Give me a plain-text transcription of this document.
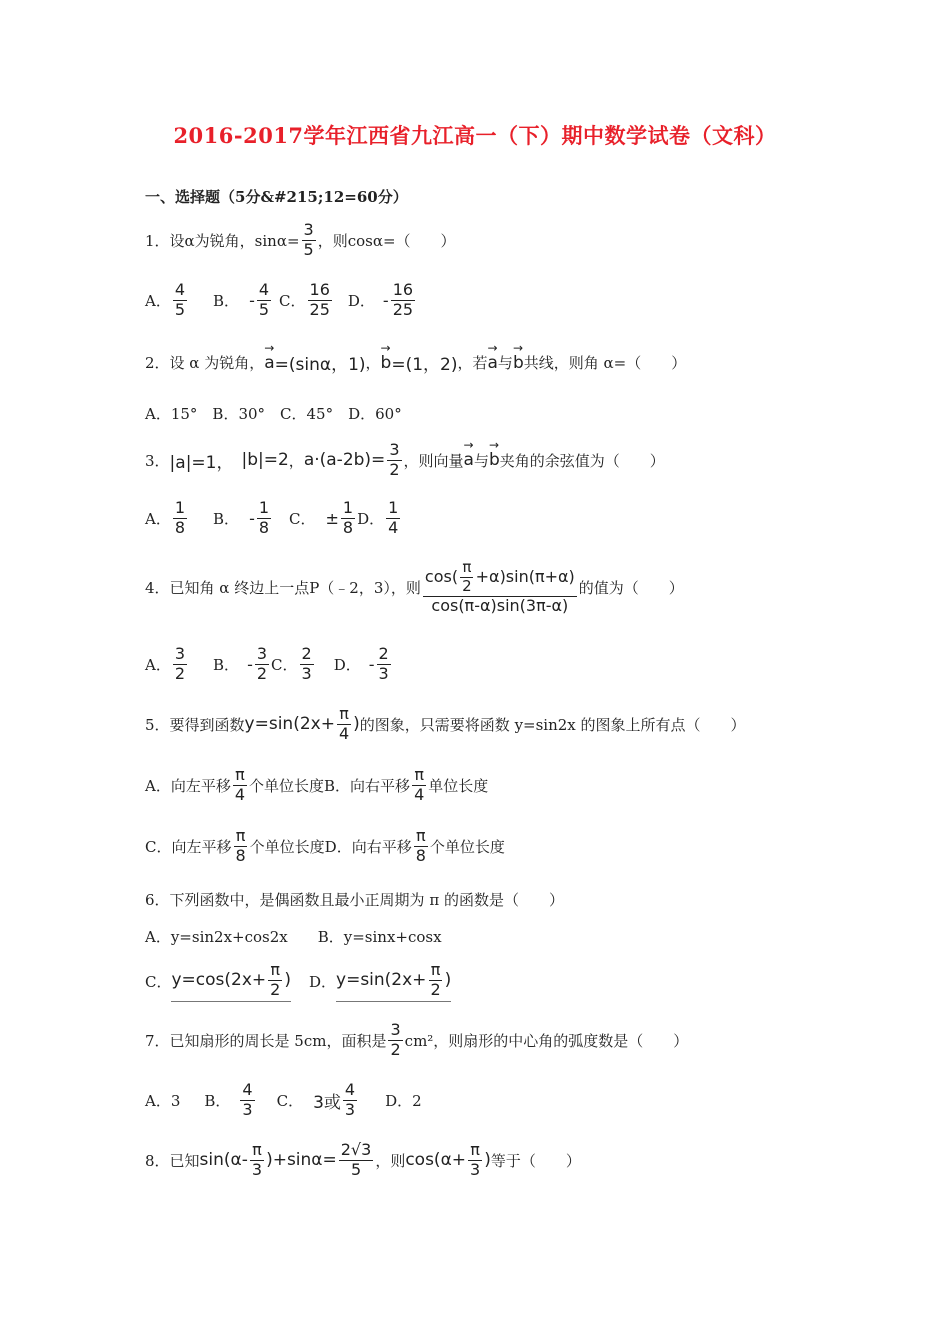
2016-2017学年江西省九江高一（下）期中数学试卷（文科）
一、选择题（5分&#215;12=60分）
1．设α为锐角，$\sin\alpha= \frac{3}{5}$ ，则cosα=（　　）
A． $\frac{4}{5}$ B． - $\frac{4}{5}$ C． $\frac{16}{25}$ D． - $\frac{16}{25}$
2．设 α 为锐角， → a =(sinα，1) ， → b =(1，2) ，若 → a 与 → b 共线，则角 α=（　　）
A．15°　B．30°　C．45°　D．60°
3． |a|=1， |b|=2 ， $a\cdot(a-2b)= \frac{3}{2}$ ，则向量 → a 与 → b 夹角的余弦值为（　　）
A． $\frac{1}{8}$ B． - $\frac{1}{8}$ C． ± $\frac{1}{8}$ D． $\frac{1}{4}$
4．已知角 α 终边上一点P（﹣2，3），则 $\frac{\cos( \frac{\pi}{2} +\alpha)\sin(\pi+\alpha)}{\cos(\pi-\alpha)\sin(3\pi-\alpha)}$ 的值为（　　）
A． $\frac{3}{2}$ B． - $\frac{3}{2}$ C． $\frac{2}{3}$ D． - $\frac{2}{3}$
5．要得到函数 $y=\sin(2x+ \frac{\pi}{4}$ ) 的图象，只需要将函数 y=sin2x 的图象上所有点（　　）
A．向左平移 $\frac{\pi}{4}$ 个单位长度B．向右平移 $\frac{\pi}{4}$ 单位长度
C．向左平移 $\frac{\pi}{8}$ 个单位长度D．向右平移 $\frac{\pi}{8}$ 个单位长度
6．下列函数中，是偶函数且最小正周期为 π 的函数是（　　）
A．y=sin2x+cos2x　　B．y=sinx+cosx
C． $y=\cos(2x+ \frac{\pi}{2}$ ) D． $y=\sin(2x+ \frac{\pi}{2}$ )
7．已知扇形的周长是 5cm，面积是 $\frac{3}{2} cm^2$，则扇形的中心角的弧度数是（　　）
A．3 B． $\frac{4}{3}$ C． 3或 $\frac{4}{3}$ D．2
8．已知 $\sin(\alpha- \frac{\pi}{3} )+\sin\alpha= \frac{2√3}{5}$ ，则 $\cos(\alpha+ \frac{\pi}{3}$ ) 等于（　　）
